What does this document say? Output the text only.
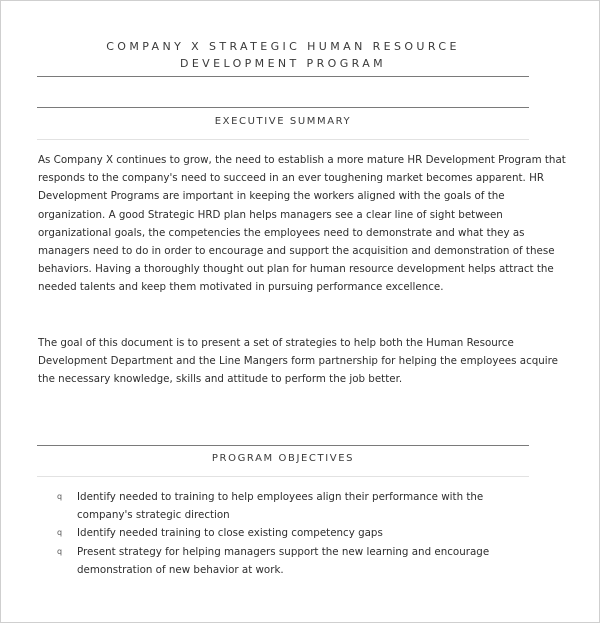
COMPANY X STRATEGIC HUMAN RESOURCE
DEVELOPMENT PROGRAM
EXECUTIVE SUMMARY

As Company X continues to grow, the need to establish a more mature HR Development Program that responds to the company's need to succeed in an ever toughening market becomes apparent. HR Development Programs are important in keeping the workers aligned with the goals of the organization. A good Strategic HRD plan helps managers see a clear line of sight between organizational goals, the competencies the employees need to demonstrate and what they as managers need to do in order to encourage and support the acquisition and demonstration of these behaviors. Having a thoroughly thought out plan for human resource development helps attract the needed talents and keep them motivated in pursuing performance excellence.

The goal of this document is to present a set of strategies to help both the Human Resource Development Department and the Line Mangers form partnership for helping the employees acquire the necessary knowledge, skills and attitude to perform the job better.

PROGRAM OBJECTIVES
q Identify needed to training to help employees align their performance with the company's strategic direction
q Identify needed training to close existing competency gaps
q Present strategy for helping managers support the new learning and encourage demonstration of new behavior at work.
